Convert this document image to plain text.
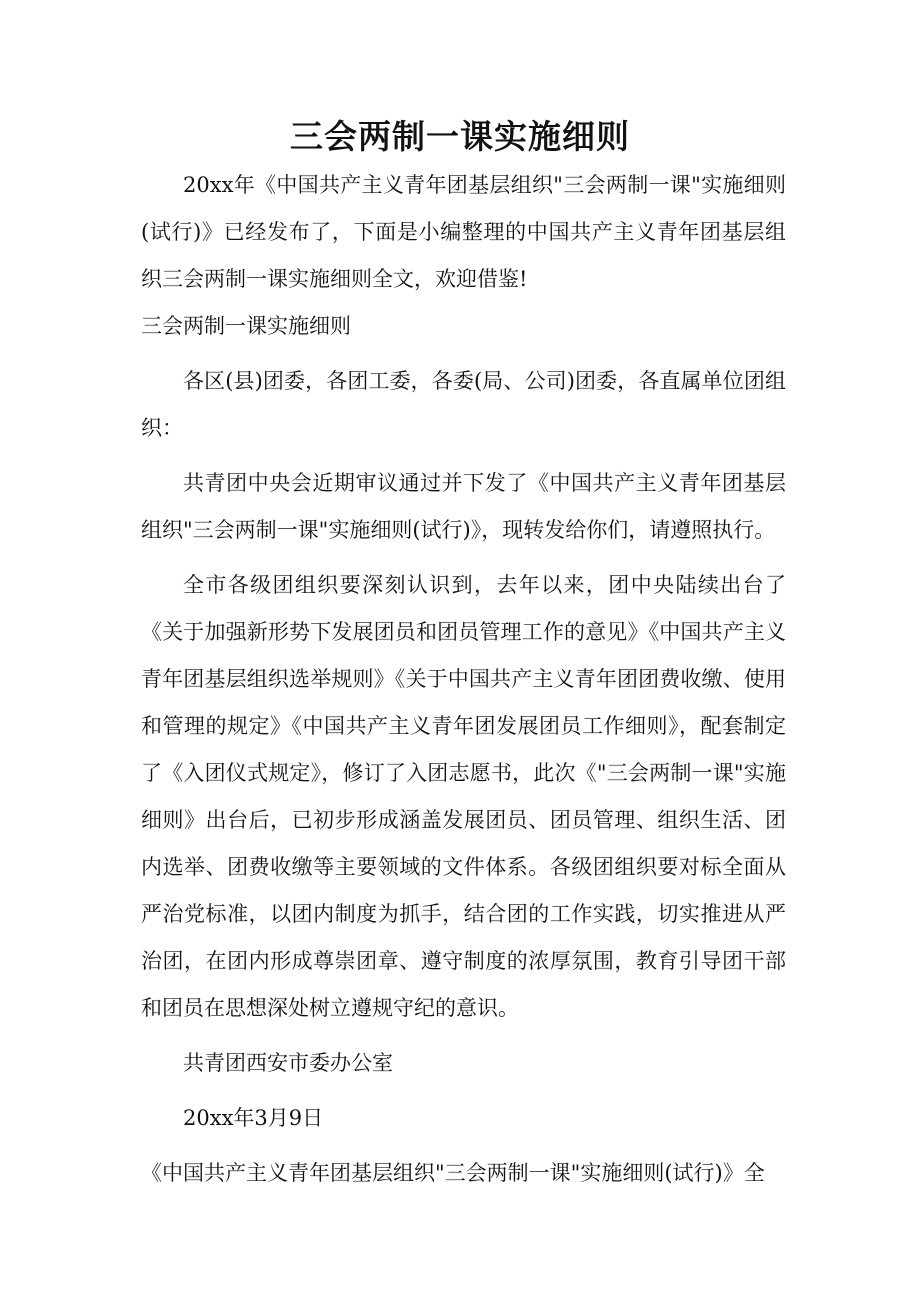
三会两制一课实施细则

20xx年《中国共产主义青年团基层组织"三会两制一课"实施细则(试行)》已经发布了，下面是小编整理的中国共产主义青年团基层组织三会两制一课实施细则全文，欢迎借鉴!

三会两制一课实施细则

各区(县)团委，各团工委，各委(局、公司)团委，各直属单位团组织：

共青团中央会近期审议通过并下发了《中国共产主义青年团基层组织"三会两制一课"实施细则(试行)》，现转发给你们，请遵照执行。

全市各级团组织要深刻认识到，去年以来，团中央陆续出台了《关于加强新形势下发展团员和团员管理工作的意见》《中国共产主义青年团基层组织选举规则》《关于中国共产主义青年团团费收缴、使用和管理的规定》《中国共产主义青年团发展团员工作细则》，配套制定了《入团仪式规定》，修订了入团志愿书，此次《"三会两制一课"实施细则》出台后，已初步形成涵盖发展团员、团员管理、组织生活、团内选举、团费收缴等主要领域的文件体系。各级团组织要对标全面从严治党标准，以团内制度为抓手，结合团的工作实践，切实推进从严治团，在团内形成尊崇团章、遵守制度的浓厚氛围，教育引导团干部和团员在思想深处树立遵规守纪的意识。

共青团西安市委办公室

20xx年3月9日

《中国共产主义青年团基层组织"三会两制一课"实施细则(试行)》全
